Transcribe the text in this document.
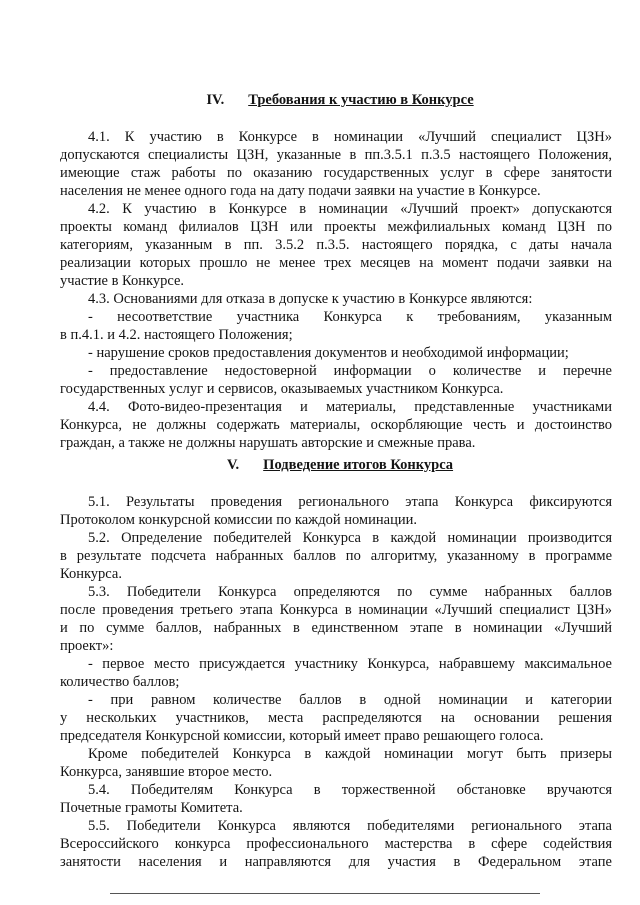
IV. Требования к участию в Конкурсе
4.1. К участию в Конкурсе в номинации «Лучший специалист ЦЗН»
допускаются специалисты ЦЗН, указанные в пп.3.5.1 п.3.5 настоящего Положения,
имеющие стаж работы по оказанию государственных услуг в сфере занятости
населения не менее одного года на дату подачи заявки на участие в Конкурсе.
4.2. К участию в Конкурсе в номинации «Лучший проект» допускаются
проекты команд филиалов ЦЗН или проекты межфилиальных команд ЦЗН по
категориям, указанным в пп. 3.5.2 п.3.5. настоящего порядка, с даты начала
реализации которых прошло не менее трех месяцев на момент подачи заявки на
участие в Конкурсе.
4.3. Основаниями для отказа в допуске к участию в Конкурсе являются:
- несоответствие участника Конкурса к требованиям, указанным
в п.4.1. и 4.2. настоящего Положения;
- нарушение сроков предоставления документов и необходимой информации;
- предоставление недостоверной информации о количестве и перечне
государственных услуг и сервисов, оказываемых участником Конкурса.
4.4. Фото-видео-презентация и материалы, представленные участниками
Конкурса, не должны содержать материалы, оскорбляющие честь и достоинство
граждан, а также не должны нарушать авторские и смежные права.
V. Подведение итогов Конкурса
5.1. Результаты проведения регионального этапа Конкурса фиксируются
Протоколом конкурсной комиссии по каждой номинации.
5.2. Определение победителей Конкурса в каждой номинации производится
в результате подсчета набранных баллов по алгоритму, указанному в программе
Конкурса.
5.3. Победители Конкурса определяются по сумме набранных баллов
после проведения третьего этапа Конкурса в номинации «Лучший специалист ЦЗН»
и по сумме баллов, набранных в единственном этапе в номинации «Лучший
проект»:
- первое место присуждается участнику Конкурса, набравшему максимальное
количество баллов;
- при равном количестве баллов в одной номинации и категории
у нескольких участников, места распределяются на основании решения
председателя Конкурсной комиссии, который имеет право решающего голоса.
Кроме победителей Конкурса в каждой номинации могут быть призеры
Конкурса, занявшие второе место.
5.4. Победителям Конкурса в торжественной обстановке вручаются
Почетные грамоты Комитета.
5.5. Победители Конкурса являются победителями регионального этапа
Всероссийского конкурса профессионального мастерства в сфере содействия
занятости населения и направляются для участия в Федеральном этапе
